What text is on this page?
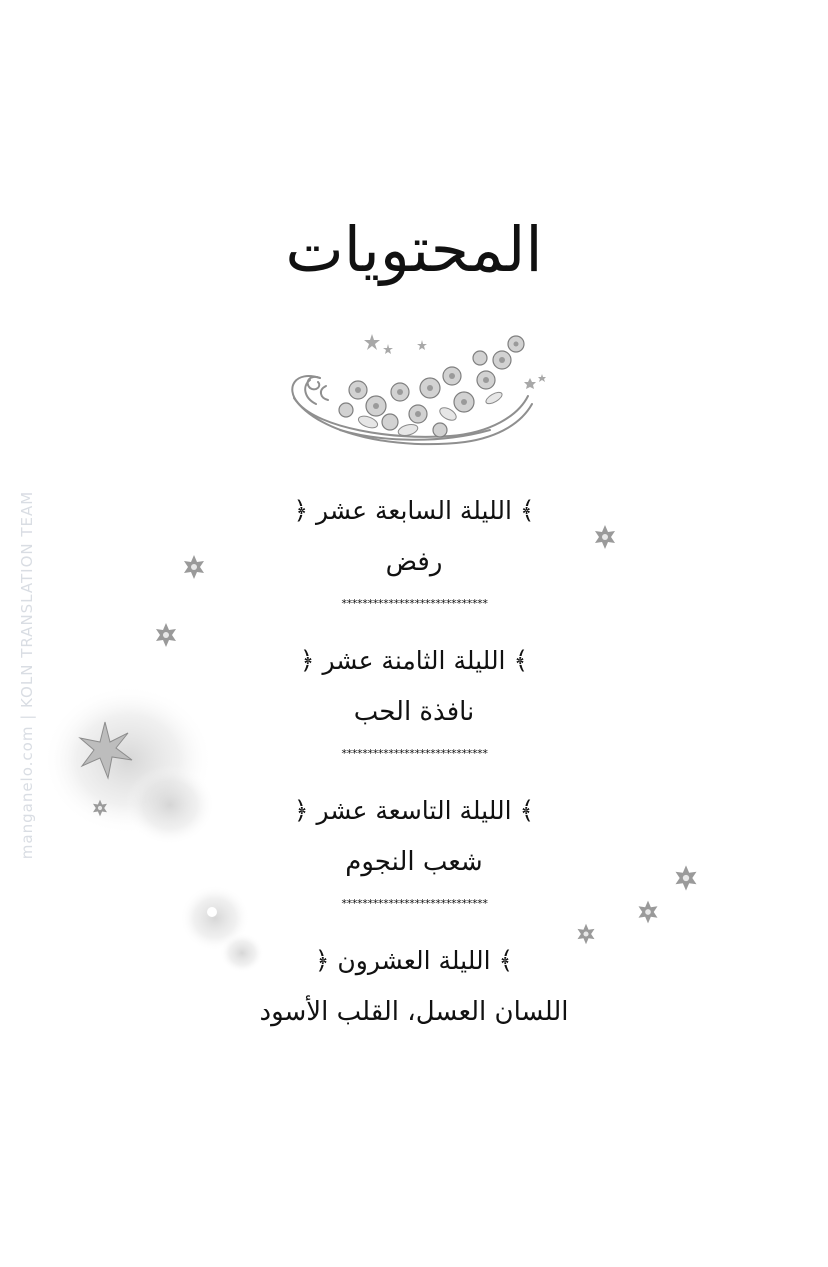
manganelo.com | KOLN TRANSLATION TEAM
المحتويات
﴾ الليلة السابعة عشر ﴿
رفض
****************************
﴾ الليلة الثامنة عشر ﴿
نافذة الحب
****************************
﴾ الليلة التاسعة عشر ﴿
شعب النجوم
****************************
﴾ الليلة العشرون ﴿
اللسان العسل، القلب الأسود
